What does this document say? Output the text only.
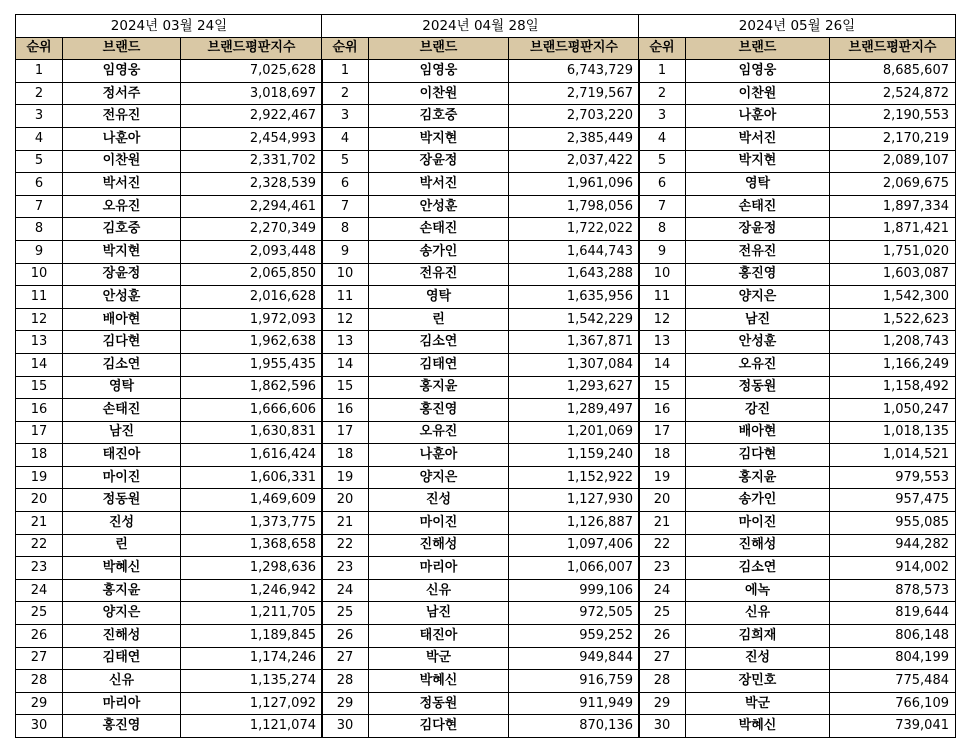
2024년 03월 24일		
순위	브랜드	브랜드평판지수
1	임영웅	7,025,628
2	정서주	3,018,697
3	전유진	2,922,467
4	나훈아	2,454,993
5	이찬원	2,331,702
6	박서진	2,328,539
7	오유진	2,294,461
8	김호중	2,270,349
9	박지현	2,093,448
10	장윤정	2,065,850
11	안성훈	2,016,628
12	배아현	1,972,093
13	김다현	1,962,638
14	김소연	1,955,435
15	영탁	1,862,596
16	손태진	1,666,606
17	남진	1,630,831
18	태진아	1,616,424
19	마이진	1,606,331
20	정동원	1,469,609
21	진성	1,373,775
22	린	1,368,658
23	박혜신	1,298,636
24	홍지윤	1,246,942
25	양지은	1,211,705
26	진해성	1,189,845
27	김태연	1,174,246
28	신유	1,135,274
29	마리아	1,127,092
30	홍진영	1,121,074
2024년 04월 28일		
순위	브랜드	브랜드평판지수
1	임영웅	6,743,729
2	이찬원	2,719,567
3	김호중	2,703,220
4	박지현	2,385,449
5	장윤정	2,037,422
6	박서진	1,961,096
7	안성훈	1,798,056
8	손태진	1,722,022
9	송가인	1,644,743
10	전유진	1,643,288
11	영탁	1,635,956
12	린	1,542,229
13	김소연	1,367,871
14	김태연	1,307,084
15	홍지윤	1,293,627
16	홍진영	1,289,497
17	오유진	1,201,069
18	나훈아	1,159,240
19	양지은	1,152,922
20	진성	1,127,930
21	마이진	1,126,887
22	진해성	1,097,406
23	마리아	1,066,007
24	신유	999,106
25	남진	972,505
26	태진아	959,252
27	박군	949,844
28	박혜신	916,759
29	정동원	911,949
30	김다현	870,136
2024년 05월 26일		
순위	브랜드	브랜드평판지수
1	임영웅	8,685,607
2	이찬원	2,524,872
3	나훈아	2,190,553
4	박서진	2,170,219
5	박지현	2,089,107
6	영탁	2,069,675
7	손태진	1,897,334
8	장윤정	1,871,421
9	전유진	1,751,020
10	홍진영	1,603,087
11	양지은	1,542,300
12	남진	1,522,623
13	안성훈	1,208,743
14	오유진	1,166,249
15	정동원	1,158,492
16	강진	1,050,247
17	배아현	1,018,135
18	김다현	1,014,521
19	홍지윤	979,553
20	송가인	957,475
21	마이진	955,085
22	진해성	944,282
23	김소연	914,002
24	에녹	878,573
25	신유	819,644
26	김희재	806,148
27	진성	804,199
28	장민호	775,484
29	박군	766,109
30	박혜신	739,041
